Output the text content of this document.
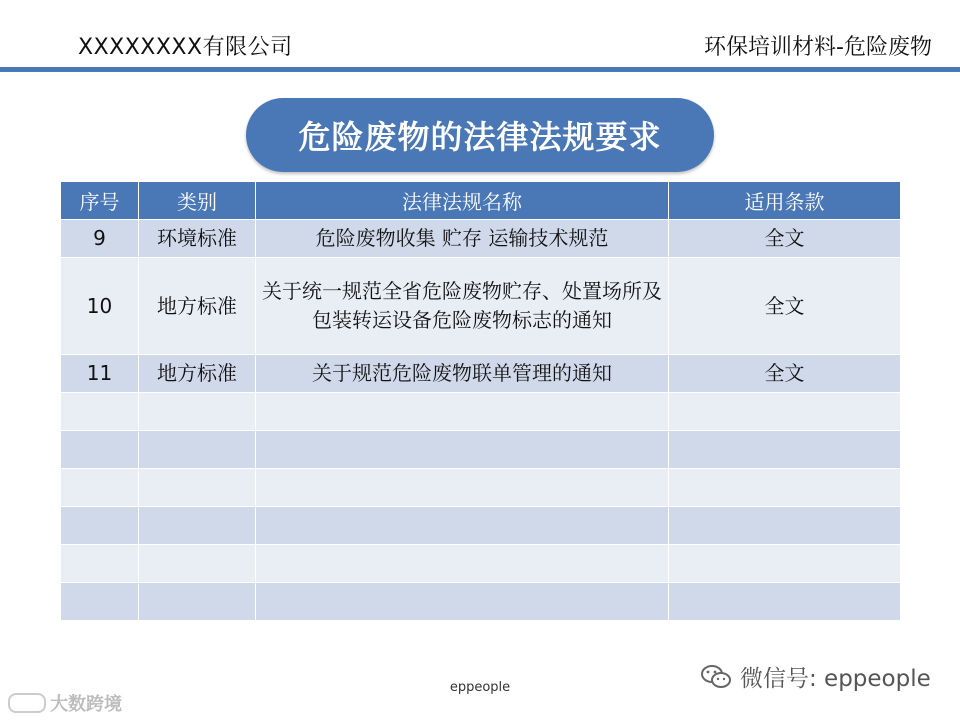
XXXXXXXX有限公司	环保培训材料-危险废物
危险废物的法律法规要求
序号	类别	法律法规名称	适用条款
9	环境标准	危险废物收集 贮存 运输技术规范	全文
10	地方标准	关于统一规范全省危险废物贮存、处置场所及包装转运设备危险废物标志的通知	全文
11	地方标准	关于规范危险废物联单管理的通知	全文

eppeople	微信号: eppeople
大数跨境
